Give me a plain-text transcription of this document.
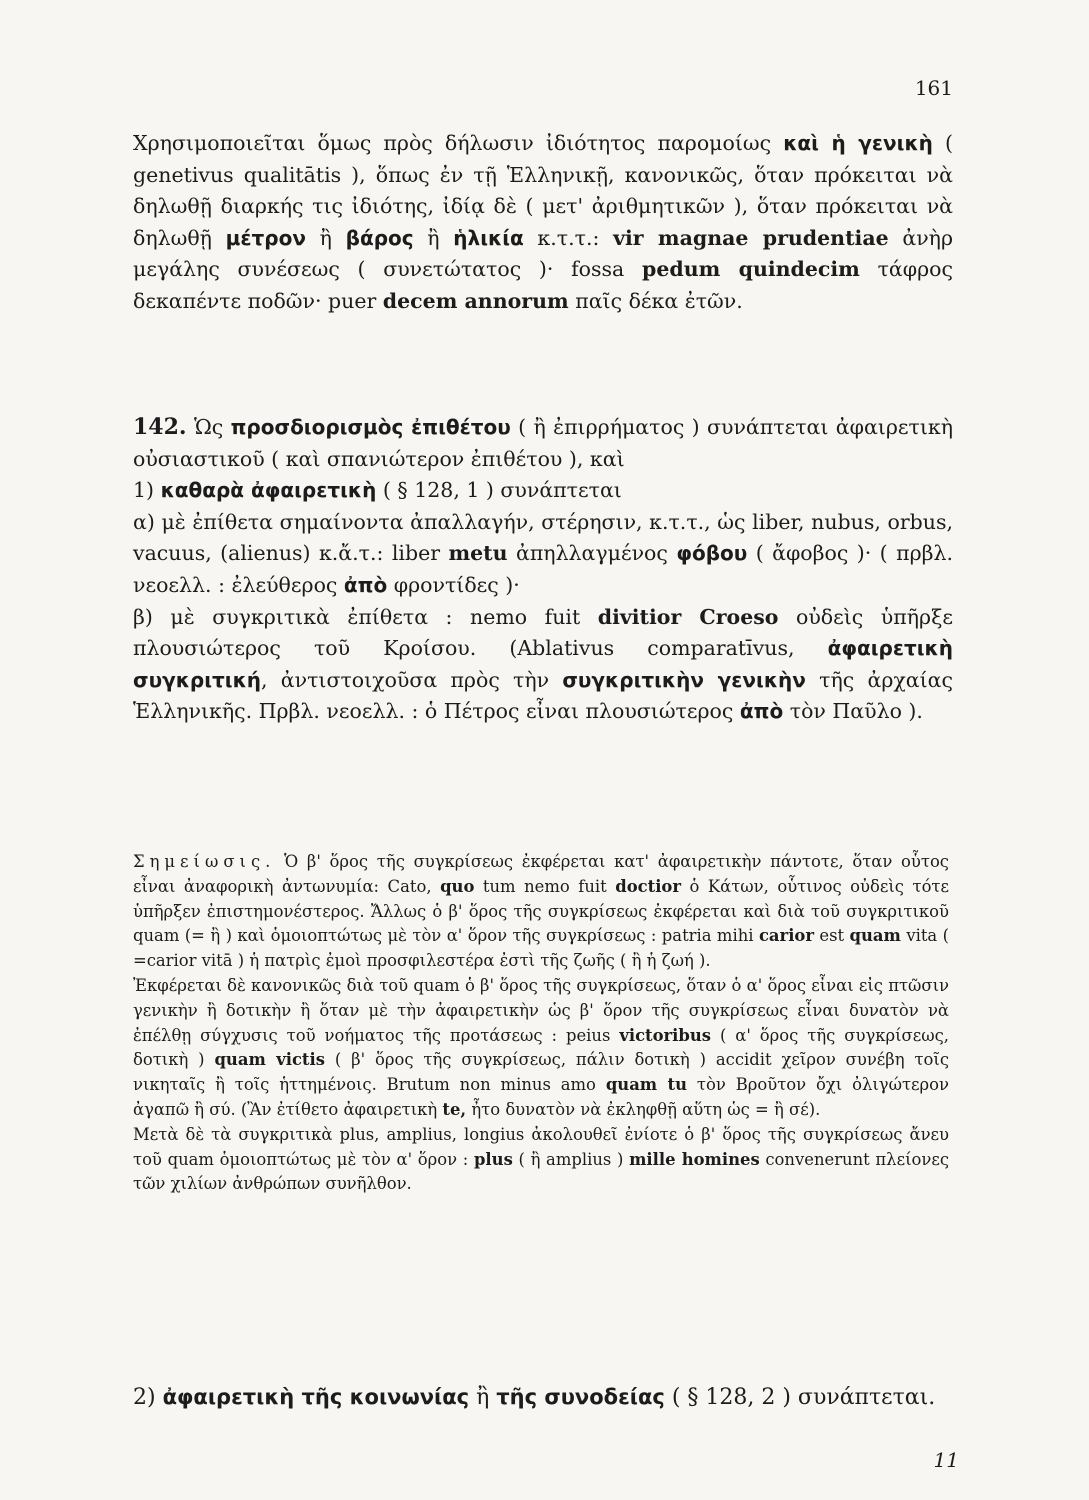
161

Χρησιμοποιεῖται ὅμως πρὸς δήλωσιν ἰδιότητος παρομοίως καὶ ἡ γενικὴ ( genetivus qualitātis ), ὅπως ἐν τῇ Ἑλληνικῇ, κανονικῶς, ὅταν πρόκειται νὰ δηλωθῇ διαρκής τις ἰδιότης, ἰδίᾳ δὲ ( μετ' ἀριθμητικῶν ), ὅταν πρόκειται νὰ δηλωθῇ μέτρον ἢ βάρος ἢ ἡλικία κ.τ.τ.: vir magnae prudentiae ἀνὴρ μεγάλης συνέσεως ( συνετώτατος )· fossa pedum quindecim τάφρος δεκαπέντε ποδῶν· puer decem annorum παῖς δέκα ἐτῶν.

142. Ὡς προσδιορισμὸς ἐπιθέτου ( ἢ ἐπιρρήματος ) συνάπτεται ἀφαιρετικὴ οὐσιαστικοῦ ( καὶ σπανιώτερον ἐπιθέτου ), καὶ

1) καθαρὰ ἀφαιρετικὴ ( § 128, 1 ) συνάπτεται

α) μὲ ἐπίθετα σημαίνοντα ἀπαλλαγήν, στέρησιν, κ.τ.τ., ὡς liber, nubus, orbus, vacuus, (alienus) κ.ἄ.τ.: liber metu ἀπηλλαγμένος φόβου ( ἄφοβος )· ( πρβλ. νεοελλ. : ἐλεύθερος ἀπὸ φροντίδες )·

β) μὲ συγκριτικὰ ἐπίθετα : nemo fuit divitior Croeso οὐδεὶς ὑπῆρξε πλουσιώτερος τοῦ Κροίσου. (Ablativus comparatīvus, ἀφαιρετικὴ συγκριτική, ἀντιστοιχοῦσα πρὸς τὴν συγκριτικὴν γενικὴν τῆς ἀρχαίας Ἑλληνικῆς. Πρβλ. νεοελλ. : ὁ Πέτρος εἶναι πλουσιώτερος ἀπὸ τὸν Παῦλο ).

Σημείωσις. Ὁ β' ὅρος τῆς συγκρίσεως ἐκφέρεται κατ' ἀφαιρετικὴν πάντοτε, ὅταν οὗτος εἶναι ἀναφορικὴ ἀντωνυμία: Cato, quo tum nemo fuit doctior ὁ Κάτων, οὗτινος οὐδεὶς τότε ὑπῆρξεν ἐπιστημονέστερος. Ἄλλως ὁ β' ὅρος τῆς συγκρίσεως ἐκφέρεται καὶ διὰ τοῦ συγκριτικοῦ quam (= ἢ ) καὶ ὁμοιοπτώτως μὲ τὸν α' ὅρον τῆς συγκρίσεως : patria mihi carior est quam vita ( =carior vitā ) ἡ πατρὶς ἐμοὶ προσφιλεστέρα ἐστὶ τῆς ζωῆς ( ἢ ἡ ζωή ).

Ἐκφέρεται δὲ κανονικῶς διὰ τοῦ quam ὁ β' ὅρος τῆς συγκρίσεως, ὅταν ὁ α' ὅρος εἶναι εἰς πτῶσιν γενικὴν ἢ δοτικὴν ἢ ὅταν μὲ τὴν ἀφαιρετικὴν ὡς β' ὅρον τῆς συγκρίσεως εἶναι δυνατὸν νὰ ἐπέλθῃ σύγχυσις τοῦ νοήματος τῆς προτάσεως : peius victoribus ( α' ὅρος τῆς συγκρίσεως, δοτικὴ ) quam victis ( β' ὅρος τῆς συγκρίσεως, πάλιν δοτικὴ ) accidit χεῖρον συνέβη τοῖς νικηταῖς ἢ τοῖς ἡττημένοις. Brutum non minus amo quam tu τὸν Βροῦτον ὄχι ὀλιγώτερον ἀγαπῶ ἢ σύ. (Ἂν ἐτίθετο ἀφαιρετικὴ te, ἦτο δυνατὸν νὰ ἐκληφθῇ αὕτη ὡς = ἢ σέ).

Μετὰ δὲ τὰ συγκριτικὰ plus, amplius, longius ἀκολουθεῖ ἐνίοτε ὁ β' ὅρος τῆς συγκρίσεως ἄνευ τοῦ quam ὁμοιοπτώτως μὲ τὸν α' ὅρον : plus ( ἢ amplius ) mille homines convenerunt πλείονες τῶν χιλίων ἀνθρώπων συνῆλθον.

2) ἀφαιρετικὴ τῆς κοινωνίας ἢ τῆς συνοδείας ( § 128, 2 ) συνάπτεται.
11
